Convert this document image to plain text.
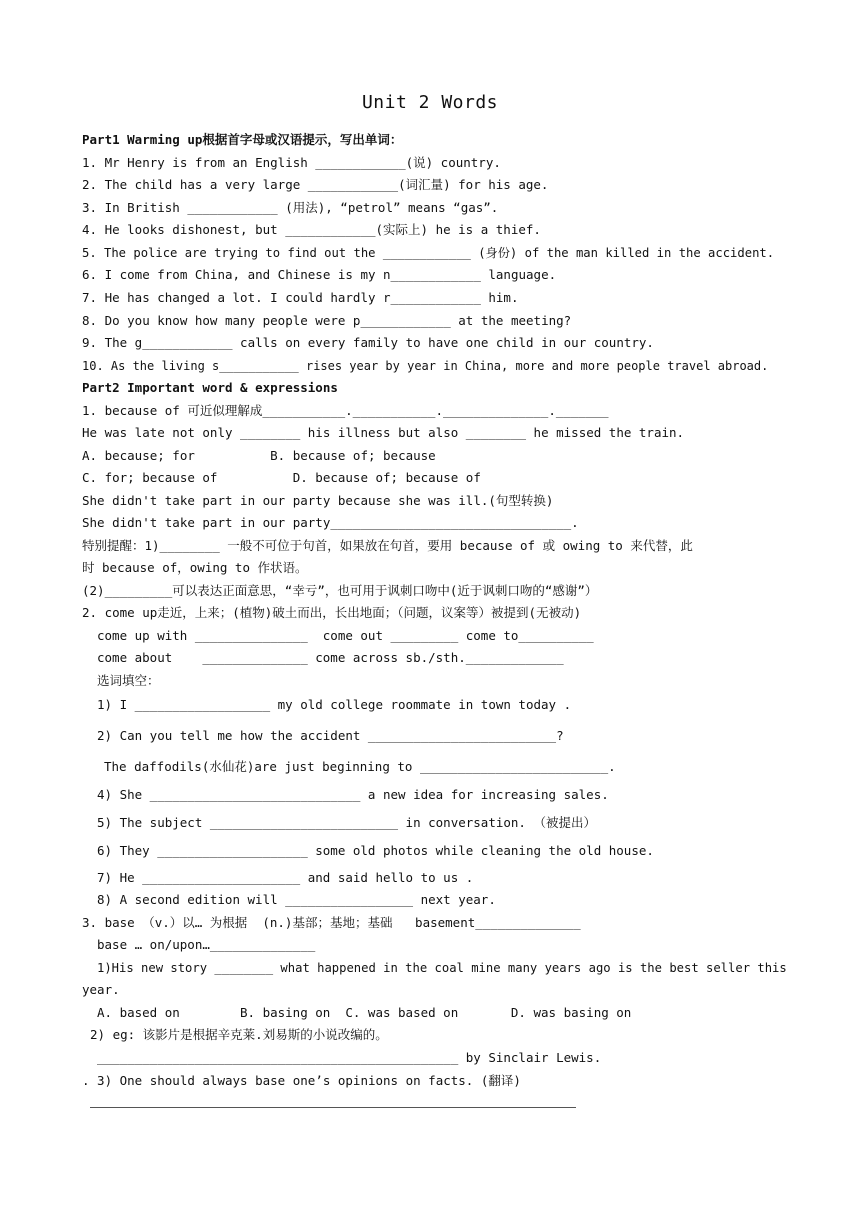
Unit 2 Words
Part1 Warming up根据首字母或汉语提示，写出单词：
1. Mr Henry is from an English ____________(说) country.
2. The child has a very large ____________(词汇量) for his age.
3. In British ____________ (用法), “petrol” means “gas”.
4. He looks dishonest, but ____________(实际上) he is a thief.
5. The police are trying to find out the ____________ (身份) of the man killed in the accident.
6. I come from China, and Chinese is my n____________ language.
7. He has changed a lot. I could hardly r____________ him.
8. Do you know how many people were p____________ at the meeting?
9. The g____________ calls on every family to have one child in our country.
10. As the living s___________ rises year by year in China, more and more people travel abroad.
Part2 Important word & expressions
1. because of 可近似理解成___________.___________.______________._______
He was late not only ________ his illness but also ________ he missed the train.
A. because; for          B. because of; because
C. for; because of          D. because of; because of
She didn't take part in our party because she was ill.(句型转换)
She didn't take part in our party________________________________.
特别提醒：1)________ 一般不可位于句首，如果放在句首，要用 because of 或 owing to 来代替，此
时 because of，owing to 作状语。
(2)_________可以表达正面意思，“幸亏”，也可用于讽刺口吻中(近于讽刺口吻的“感谢”）
2. come up走近，上来；(植物)破土而出，长出地面；（问题，议案等）被提到(无被动)
come up with _______________  come out _________ come to__________
come about    ______________ come across sb./sth._____________
选词填空：
1) I __________________ my old college roommate in town today .
2) Can you tell me how the accident _________________________?
The daffodils(水仙花)are just beginning to _________________________.
4) She ____________________________ a new idea for increasing sales.
5) The subject _________________________ in conversation. （被提出）
6) They ____________________ some old photos while cleaning the old house.
7) He _____________________ and said hello to us .
8) A second edition will _________________ next year.
3. base （v.）以… 为根据  (n.)基部；基地；基础   basement______________
base … on/upon…______________
1)His new story ________ what happened in the coal mine many years ago is the best seller this
year.
A. based on        B. basing on  C. was based on       D. was basing on
2) eg: 该影片是根据辛克莱.刘易斯的小说改编的。
________________________________________________ by Sinclair Lewis.
. 3) One should always base one’s opinions on facts. (翻译)
